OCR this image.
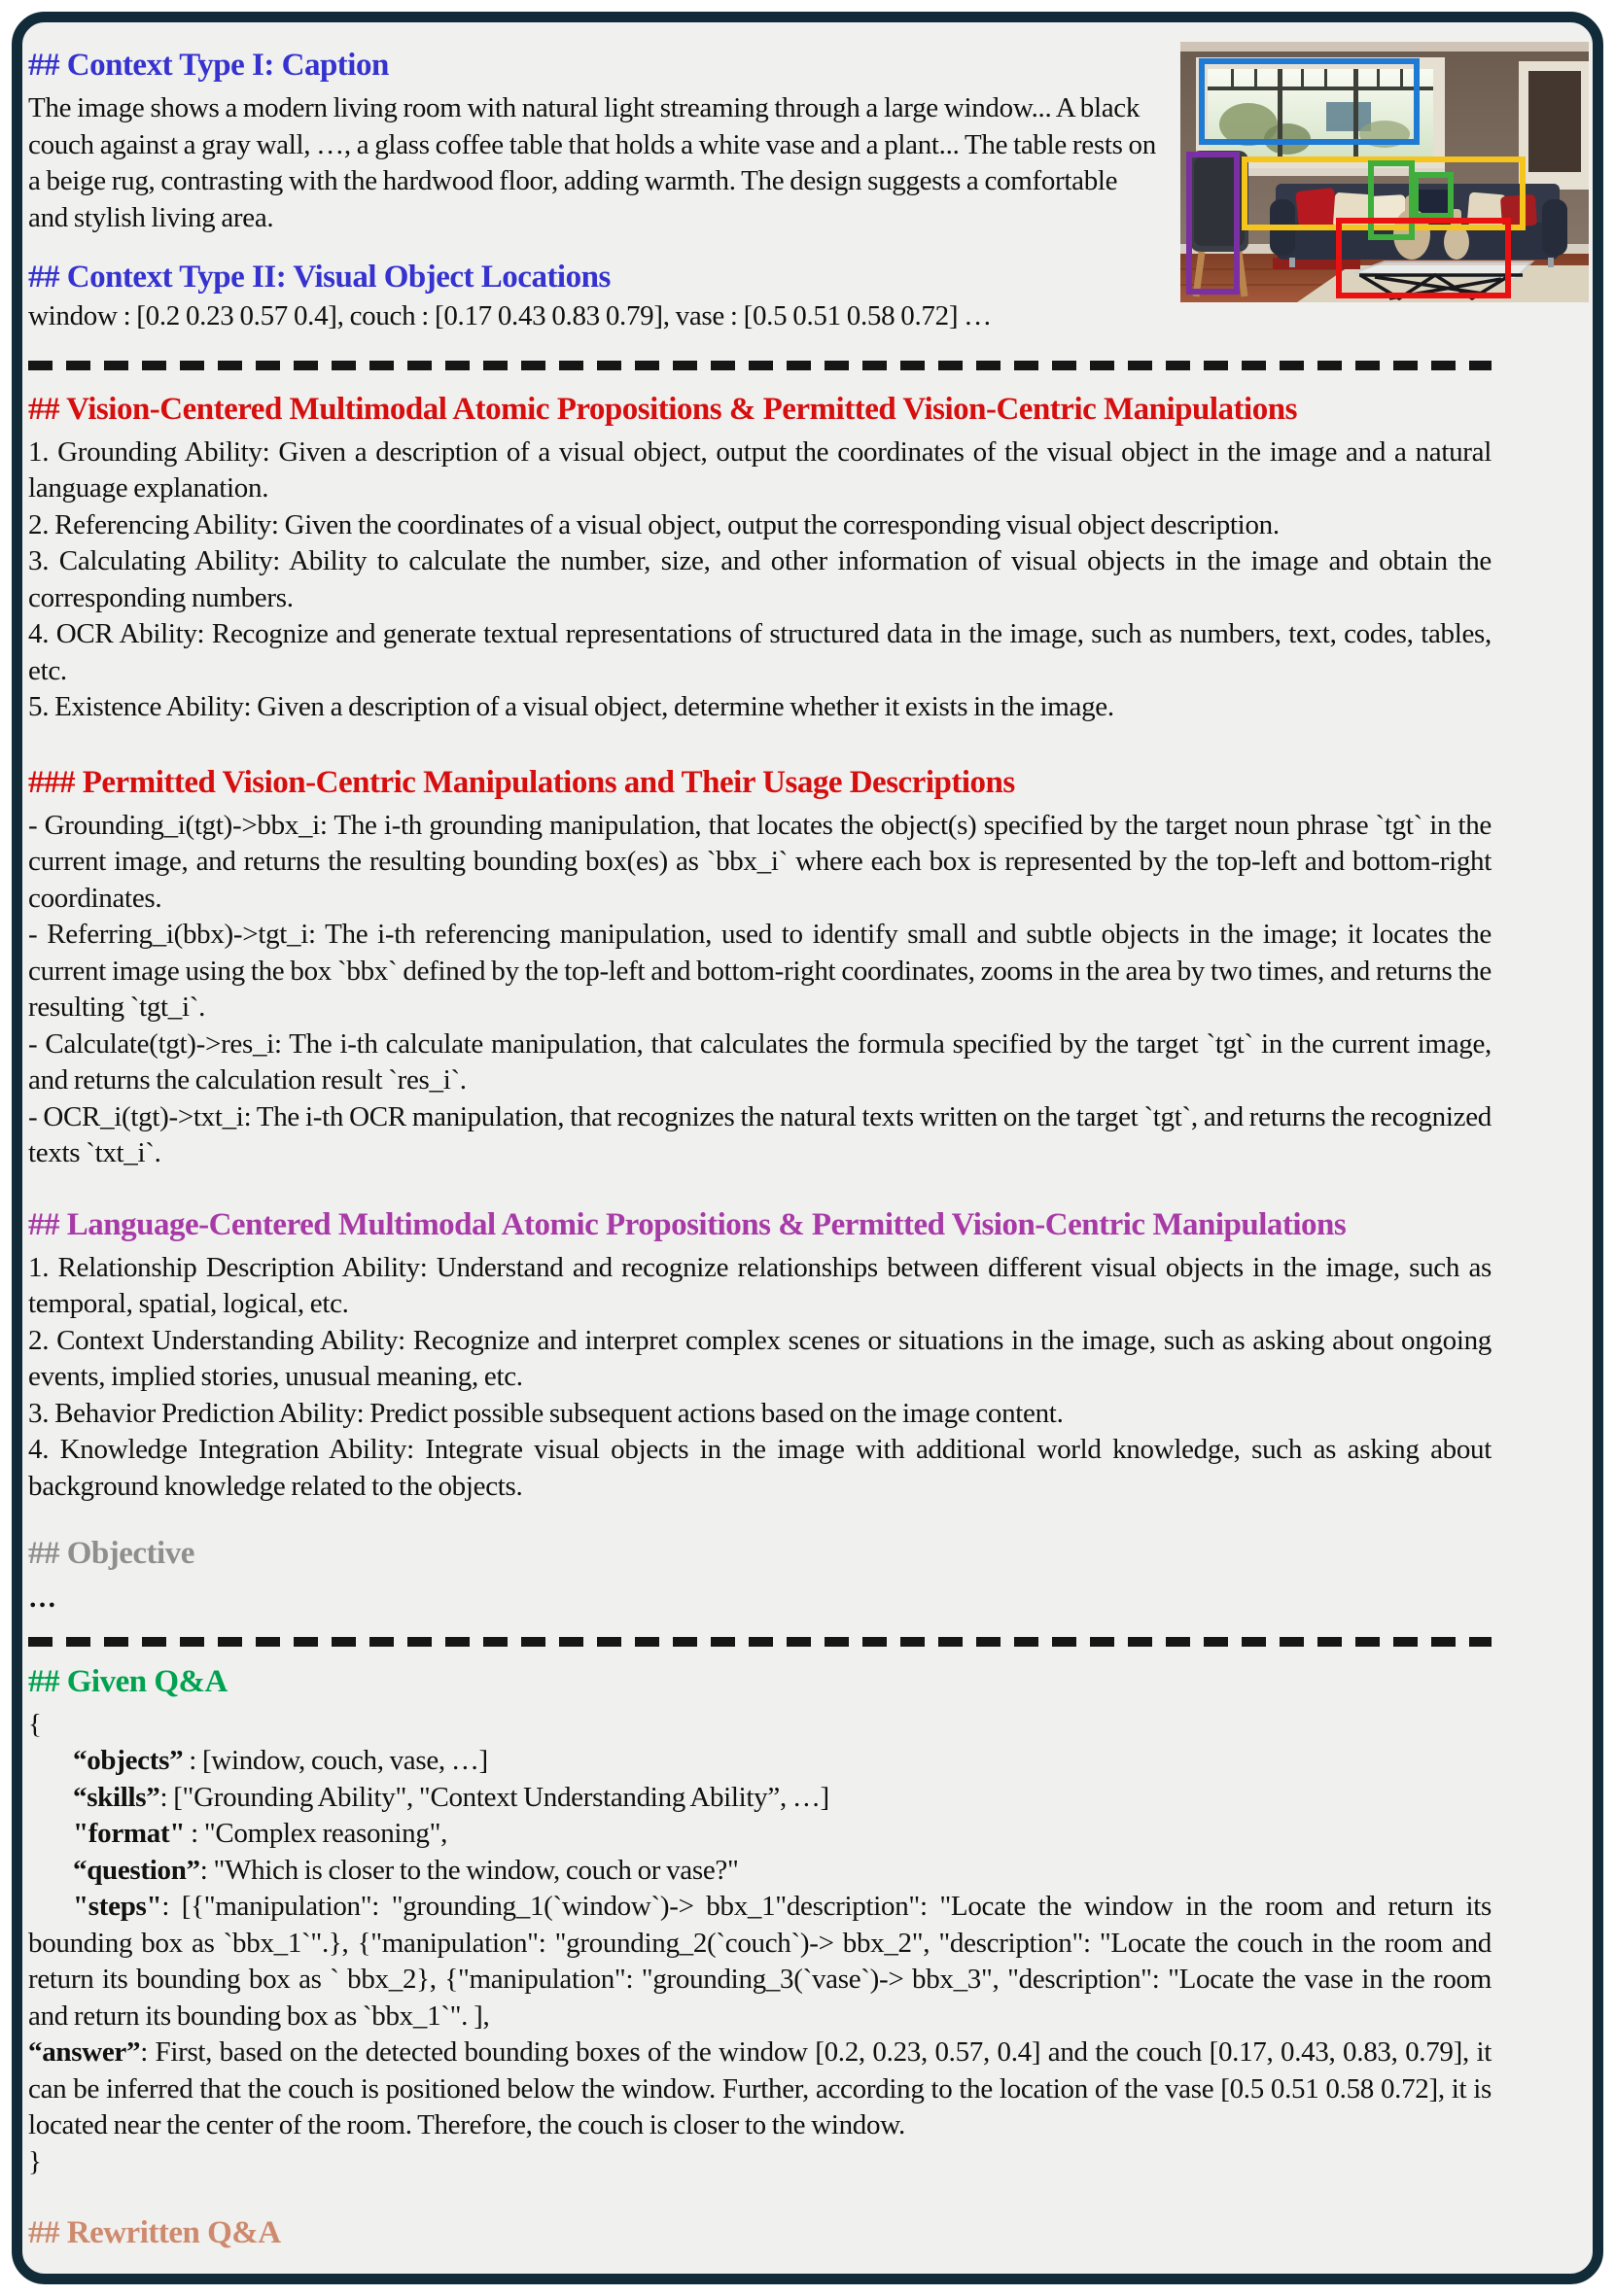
## Context Type I: Caption

The image shows a modern living room with natural light streaming through a large window... A black couch against a gray wall, …, a glass coffee table that holds a white vase and a plant... The table rests on a beige rug, contrasting with the hardwood floor, adding warmth. The design suggests a comfortable and stylish living area.

## Context Type II: Visual Object Locations

window : [0.2 0.23 0.57 0.4], couch : [0.17 0.43 0.83 0.79], vase : [0.5 0.51 0.58 0.72] …

## Vision-Centered Multimodal Atomic Propositions & Permitted Vision-Centric Manipulations

1. Grounding Ability: Given a description of a visual object, output the coordinates of the visual object in the image and a natural language explanation.

2. Referencing Ability: Given the coordinates of a visual object, output the corresponding visual object description.

3. Calculating Ability: Ability to calculate the number, size, and other information of visual objects in the image and obtain the corresponding numbers.

4. OCR Ability: Recognize and generate textual representations of structured data in the image, such as numbers, text, codes, tables, etc.

5. Existence Ability: Given a description of a visual object, determine whether it exists in the image.

### Permitted Vision-Centric Manipulations and Their Usage Descriptions

- Grounding_i(tgt)->bbx_i: The i-th grounding manipulation, that locates the object(s) specified by the target noun phrase `tgt` in the current image, and returns the resulting bounding box(es) as `bbx_i` where each box is represented by the top-left and bottom-right coordinates.

- Referring_i(bbx)->tgt_i: The i-th referencing manipulation, used to identify small and subtle objects in the image; it locates the current image using the box `bbx` defined by the top-left and bottom-right coordinates, zooms in the area by two times, and returns the resulting `tgt_i`.

- Calculate(tgt)->res_i: The i-th calculate manipulation, that calculates the formula specified by the target `tgt` in the current image, and returns the calculation result `res_i`.

- OCR_i(tgt)->txt_i: The i-th OCR manipulation, that recognizes the natural texts written on the target `tgt`, and returns the recognized texts `txt_i`.

## Language-Centered Multimodal Atomic Propositions & Permitted Vision-Centric Manipulations

1. Relationship Description Ability: Understand and recognize relationships between different visual objects in the image, such as temporal, spatial, logical, etc.

2. Context Understanding Ability: Recognize and interpret complex scenes or situations in the image, such as asking about ongoing events, implied stories, unusual meaning, etc.

3. Behavior Prediction Ability: Predict possible subsequent actions based on the image content.

4. Knowledge Integration Ability: Integrate visual objects in the image with additional world knowledge, such as asking about background knowledge related to the objects.

## Objective

…

## Given Q&A

{

“objects” : [window, couch, vase, …]

“skills”: ["Grounding Ability", "Context Understanding Ability”, …]

"format" : "Complex reasoning",

“question”: "Which is closer to the window, couch or vase?"

"steps": [{"manipulation": "grounding_1(`window`)-> bbx_1"description": "Locate the window in the room and return its bounding box as `bbx_1`".}, {"manipulation": "grounding_2(`couch`)-> bbx_2", "description": "Locate the couch in the room and return its bounding box as ` bbx_2}, {"manipulation": "grounding_3(`vase`)-> bbx_3", "description": "Locate the vase in the room and return its bounding box as `bbx_1`". ],

“answer”: First, based on the detected bounding boxes of the window [0.2, 0.23, 0.57, 0.4] and the couch [0.17, 0.43, 0.83, 0.79], it can be inferred that the couch is positioned below the window. Further, according to the location of the vase [0.5 0.51 0.58 0.72], it is located near the center of the room. Therefore, the couch is closer to the window.

}

## Rewritten Q&A
